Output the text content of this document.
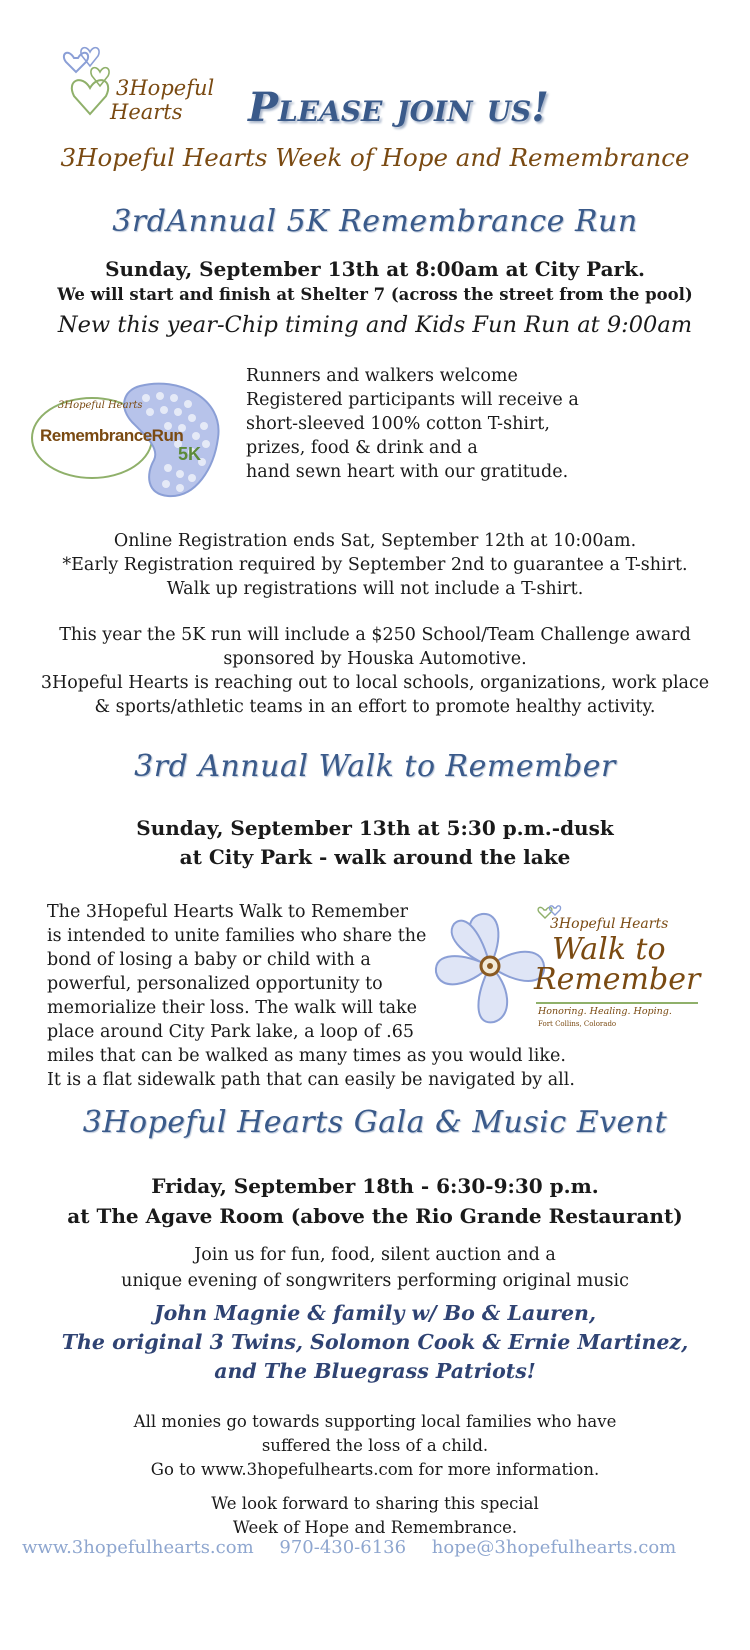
3Hopeful
Hearts Please join us!
3Hopeful Hearts Week of Hope and Remembrance
3rdAnnual 5K Remembrance Run
Sunday, September 13th at 8:00am at City Park.
We will start and finish at Shelter 7 (across the street from the pool)
New this year-Chip timing and Kids Fun Run at 9:00am
3Hopeful Hearts
RemembranceRun
5K
Runners and walkers welcome
Registered participants will receive a
short-sleeved 100% cotton T-shirt,
prizes, food & drink and a
hand sewn heart with our gratitude.
Online Registration ends Sat, September 12th at 10:00am.
*Early Registration required by September 2nd to guarantee a T-shirt.
Walk up registrations will not include a T-shirt.
This year the 5K run will include a $250 School/Team Challenge award
sponsored by Houska Automotive.
3Hopeful Hearts is reaching out to local schools, organizations, work place
& sports/athletic teams in an effort to promote healthy activity.
3rd Annual Walk to Remember
Sunday, September 13th at 5:30 p.m.-dusk
at City Park - walk around the lake
The 3Hopeful Hearts Walk to Remember
is intended to unite families who share the
bond of losing a baby or child with a
powerful, personalized opportunity to
memorialize their loss. The walk will take
place around City Park lake, a loop of .65
miles that can be walked as many times as you would like.
It is a flat sidewalk path that can easily be navigated by all.
3Hopeful Hearts
Walk to
Remember
Honoring. Healing. Hoping.
Fort Collins, Colorado
3Hopeful Hearts Gala & Music Event
Friday, September 18th - 6:30-9:30 p.m.
at The Agave Room (above the Rio Grande Restaurant)
Join us for fun, food, silent auction and a
unique evening of songwriters performing original music
John Magnie & family w/ Bo & Lauren,
The original 3 Twins, Solomon Cook & Ernie Martinez,
and The Bluegrass Patriots!
All monies go towards supporting local families who have
suffered the loss of a child.
Go to www.3hopefulhearts.com for more information.
We look forward to sharing this special
Week of Hope and Remembrance.
www.3hopefulhearts.com 970-430-6136 hope@3hopefulhearts.com
